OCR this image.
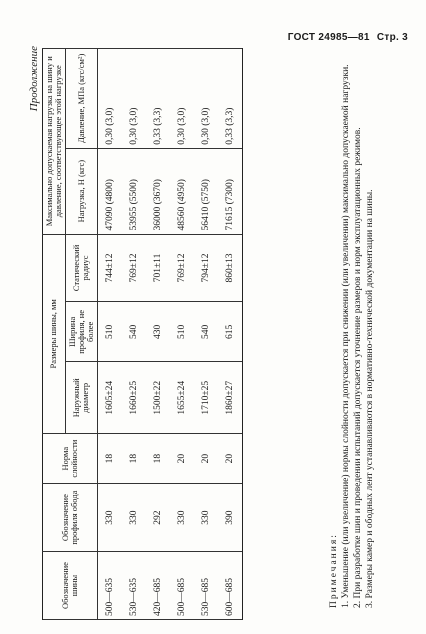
ГОСТ 24985—81 Стр. 3
Продолжение
Обозначение шины	Обозначение профиля обода	Норма слойности	Размеры шины, мм			Максимально допускаемая нагрузка на шину и давление, соответствующее этой нагрузке	
			Наружный диаметр	Ширина профиля, не более	Статический радиус	Нагрузка, Н (кгс)	Давление, МПа (кгс/см²)
500—635	330	18	1605±24	510	744±12	47090 (4800)	0,30 (3,0)
530—635	330	18	1660±25	540	769±12	53955 (5500)	0,30 (3,0)
420—685	292	18	1500±22	430	701±11	36000 (3670)	0,33 (3,3)
500—685	330	20	1655±24	510	769±12	48560 (4950)	0,30 (3,0)
530—685	330	20	1710±25	540	794±12	56410 (5750)	0,30 (3,0)
600—685	390	20	1860±27	615	860±13	71615 (7300)	0,33 (3,3)

Примечания: 1. Уменьшение (или увеличение) нормы слойности допускается при снижении (или увеличении) максимально допускаемой нагрузки. 2. При разработке шин и проведении испытаний допускается уточнение размеров и норм эксплуатационных режимов. 3. Размеры камер и ободных лент устанавливаются в нормативно-технической документации на шины.
